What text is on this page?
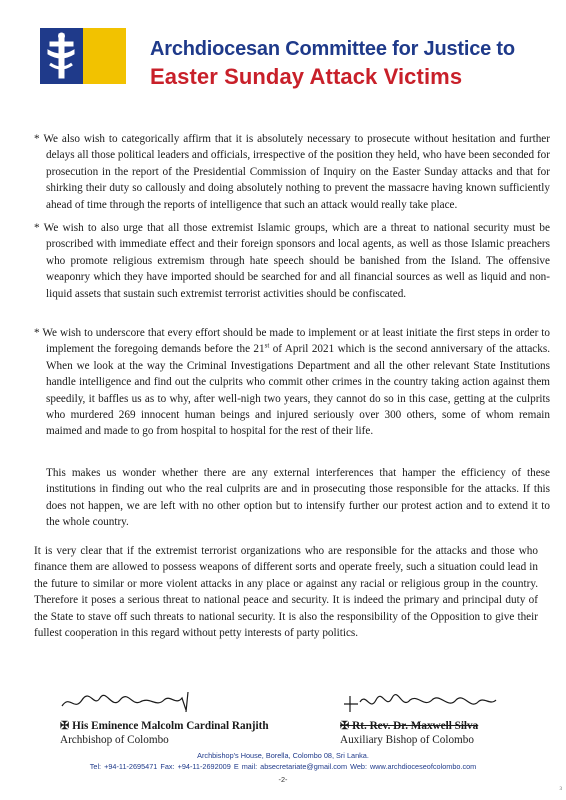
Archdiocesan Committee for Justice to
Easter Sunday Attack Victims
* We also wish to categorically affirm that it is absolutely necessary to prosecute without hesitation and further delays all those political leaders and officials, irrespective of the position they held, who have been seconded for prosecution in the report of the Presidential Commission of Inquiry on the Easter Sunday attacks and that for shirking their duty so callously and doing absolutely nothing to prevent the massacre having known sufficiently ahead of time through the reports of intelligence that such an attack would really take place.
* We wish to also urge that all those extremist Islamic groups, which are a threat to national security must be proscribed with immediate effect and their foreign sponsors and local agents, as well as those Islamic preachers who promote religious extremism through hate speech should be banished from the Island. The offensive weaponry which they have imported should be searched for and all financial sources as well as liquid and non-liquid assets that sustain such extremist terrorist activities should be confiscated.
* We wish to underscore that every effort should be made to implement or at least initiate the first steps in order to implement the foregoing demands before the 21st of April 2021 which is the second anniversary of the attacks. When we look at the way the Criminal Investigations Department and all the other relevant State Institutions handle intelligence and find out the culprits who commit other crimes in the country taking action against them speedily, it baffles us as to why, after well-nigh two years, they cannot do so in this case, getting at the culprits who murdered 269 innocent human beings and injured seriously over 300 others, some of whom remain maimed and made to go from hospital to hospital for the rest of their life.
This makes us wonder whether there are any external interferences that hamper the efficiency of these institutions in finding out who the real culprits are and in prosecuting those responsible for the attacks. If this does not happen, we are left with no other option but to intensify further our protest action and to extend it to the whole country.
It is very clear that if the extremist terrorist organizations who are responsible for the attacks and those who finance them are allowed to possess weapons of different sorts and operate freely, such a situation could lead in the future to similar or more violent attacks in any place or against any racial or religious group in the country. Therefore it poses a serious threat to national peace and security. It is indeed the primary and principal duty of the State to stave off such threats to national security. It is also the responsibility of the Opposition to give their fullest cooperation in this regard without petty interests of party politics.
✠ His Eminence Malcolm Cardinal Ranjith
Archbishop of Colombo
✠ Rt. Rev. Dr. Maxwell Silva
Auxiliary Bishop of Colombo
Archbishop's House, Borella, Colombo 08, Sri Lanka.
Tel: +94-11-2695471 Fax: +94-11-2692009 E mail: absecretariate@gmail.com Web: www.archdioceseofcolombo.com
-2-
3
